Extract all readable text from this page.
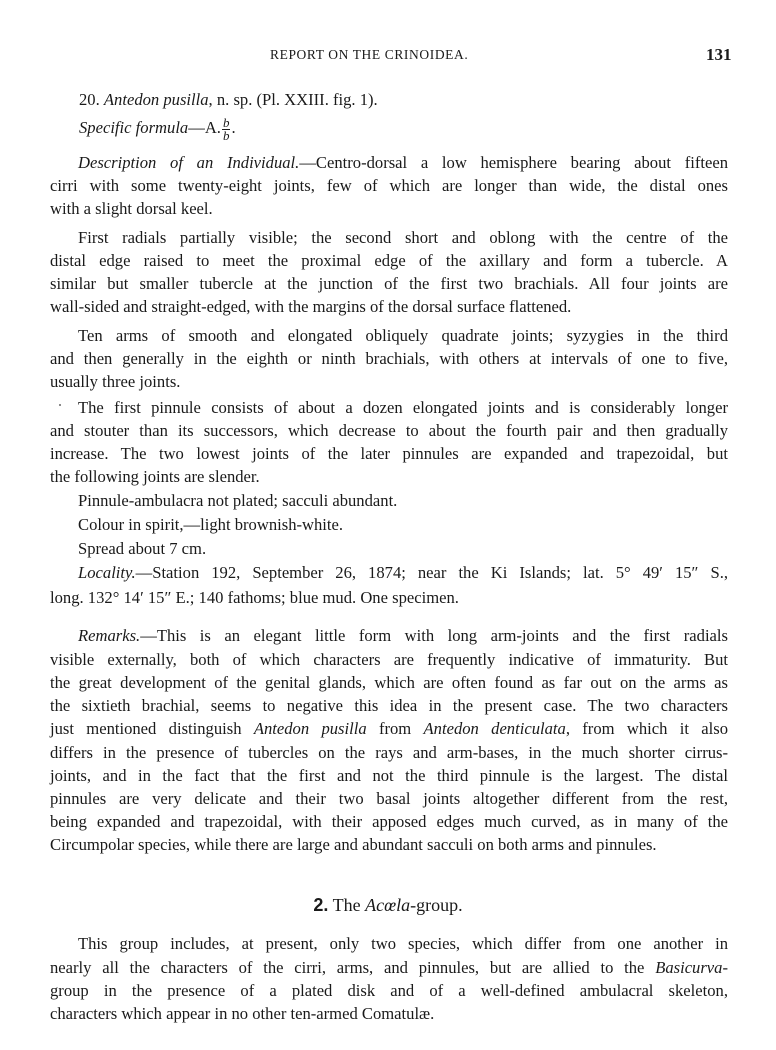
REPORT ON THE CRINOIDEA.	131
20. Antedon pusilla, n. sp. (Pl. XXIII. fig. 1).
Specific formula—A. $\frac{b}{b}$ .
Description of an Individual.—Centro-dorsal a low hemisphere bearing about fifteen
cirri with some twenty-eight joints, few of which are longer than wide, the distal ones
with a slight dorsal keel.
First radials partially visible; the second short and oblong with the centre of the
distal edge raised to meet the proximal edge of the axillary and form a tubercle. A
similar but smaller tubercle at the junction of the first two brachials. All four joints are
wall-sided and straight-edged, with the margins of the dorsal surface flattened.
Ten arms of smooth and elongated obliquely quadrate joints; syzygies in the third
and then generally in the eighth or ninth brachials, with others at intervals of one to five,
usually three joints.
The first pinnule consists of about a dozen elongated joints and is considerably longer
and stouter than its successors, which decrease to about the fourth pair and then gradually
increase. The two lowest joints of the later pinnules are expanded and trapezoidal, but
the following joints are slender.
Pinnule-ambulacra not plated; sacculi abundant.
Colour in spirit,—light brownish-white.
Spread about 7 cm.
Locality.—Station 192, September 26, 1874; near the Ki Islands; lat. 5° 49′ 15″ S.,
long. 132° 14′ 15″ E.; 140 fathoms; blue mud. One specimen.
Remarks.—This is an elegant little form with long arm-joints and the first radials
visible externally, both of which characters are frequently indicative of immaturity. But
the great development of the genital glands, which are often found as far out on the arms as
the sixtieth brachial, seems to negative this idea in the present case. The two characters
just mentioned distinguish Antedon pusilla from Antedon denticulata, from which it also
differs in the presence of tubercles on the rays and arm-bases, in the much shorter cirrus-
joints, and in the fact that the first and not the third pinnule is the largest. The distal
pinnules are very delicate and their two basal joints altogether different from the rest,
being expanded and trapezoidal, with their apposed edges much curved, as in many of the
Circumpolar species, while there are large and abundant sacculi on both arms and pinnules.
2. The Acœla-group.
This group includes, at present, only two species, which differ from one another in
nearly all the characters of the cirri, arms, and pinnules, but are allied to the Basicurva-
group in the presence of a plated disk and of a well-defined ambulacral skeleton,
characters which appear in no other ten-armed Comatulæ.
